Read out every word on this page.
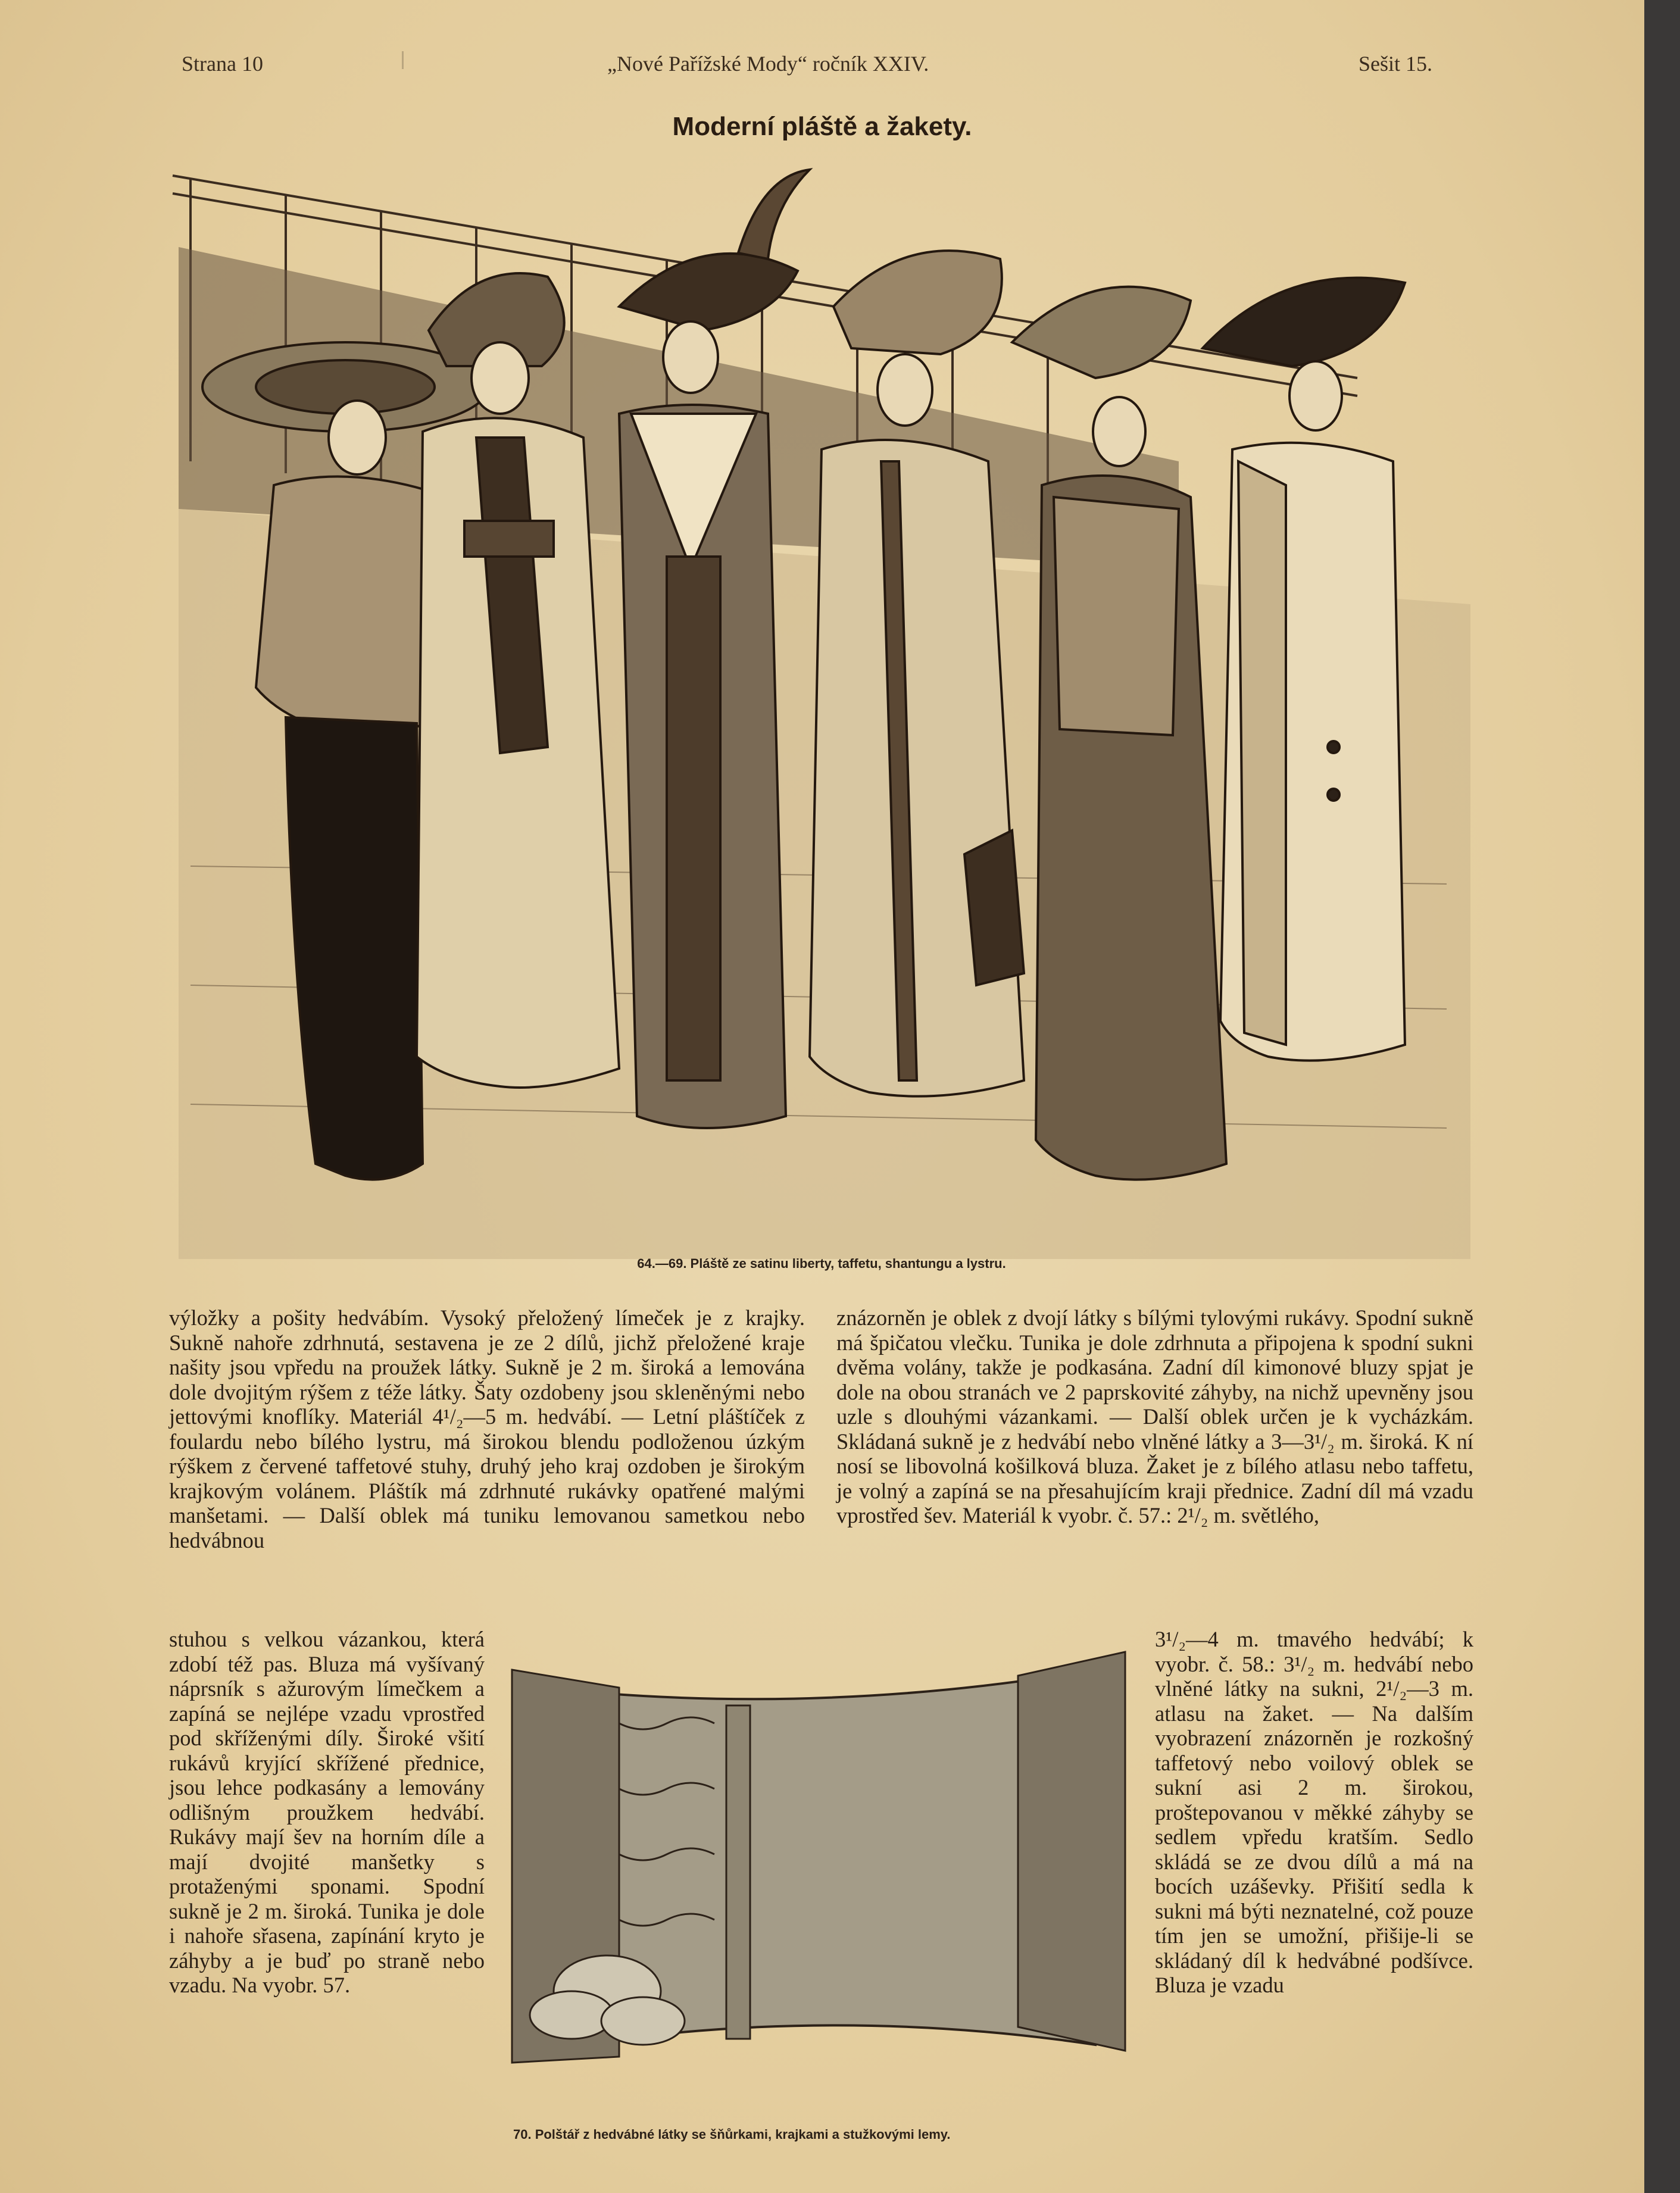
Strana 10	„Nové Pařížské Mody“ ročník XXIV.	Sešit 15.
Moderní pláště a žakety.
64.—69. Pláště ze satinu liberty, taffetu, shantungu a lystru.

výložky a pošity hedvábím. Vysoký přeložený límeček je z krajky. Sukně nahoře zdrhnutá, sestavena je ze 2 dílů, jichž přeložené kraje našity jsou vpředu na proužek látky. Sukně je 2 m. široká a lemována dole dvojitým rýšem z téže látky. Šaty ozdobeny jsou skleněnými nebo jettovými knoflíky. Materiál 4¹/₂—5 m. hedvábí. — Letní pláštíček z foulardu nebo bílého lystru, má širokou blendu podloženou úzkým rýškem z červené taffetové stuhy, druhý jeho kraj ozdoben je širokým krajkovým volánem. Pláštík má zdrhnuté rukávky opatřené malými manšetami. — Další oblek má tuniku lemovanou sametkou nebo hedvábnou

stuhou s velkou vázankou, která zdobí též pas. Bluza má vyšívaný náprsník s ažurovým límečkem a zapíná se nejlépe vzadu vprostřed pod skříženými díly. Široké všití rukávů kryjící skřížené přednice, jsou lehce podkasány a lemovány odlišným proužkem hedvábí. Rukávy mají šev na horním díle a mají dvojité manšetky s protaženými sponami. Spodní sukně je 2 m. široká. Tunika je dole i nahoře sřasena, zapínání kryto je záhyby a je buď po straně nebo vzadu. Na vyobr. 57.

znázorněn je oblek z dvojí látky s bílými tylovými rukávy. Spodní sukně má špičatou vlečku. Tunika je dole zdrhnuta a připojena k spodní sukni dvěma volány, takže je podkasána. Zadní díl kimonové bluzy spjat je dole na obou stranách ve 2 paprskovité záhyby, na nichž upevněny jsou uzle s dlouhými vázankami. — Další oblek určen je k vycházkám. Skládaná sukně je z hedvábí nebo vlněné látky a 3—3¹/₂ m. široká. K ní nosí se libovolná košilková bluza. Žaket je z bílého atlasu nebo taffetu, je volný a zapíná se na přesahujícím kraji přednice. Zadní díl má vzadu vprostřed šev. Materiál k vyobr. č. 57.: 2¹/₂ m. světlého,

3¹/₂—4 m. tmavého hedvábí; k vyobr. č. 58.: 3¹/₂ m. hedvábí nebo vlněné látky na sukni, 2¹/₂—3 m. atlasu na žaket. — Na dalším vyobrazení znázorněn je rozkošný taffetový nebo voilový oblek se sukní asi 2 m. širokou, proštepovanou v měkké záhyby se sedlem vpředu kratším. Sedlo skládá se ze dvou dílů a má na bocích uzáševky. Přišití sedla k sukni má býti neznatelné, což pouze tím jen se umožní, přišije-li se skládaný díl k hedvábné podšívce. Bluza je vzadu

70. Polštář z hedvábné látky se šňůrkami, krajkami a stužkovými lemy.
